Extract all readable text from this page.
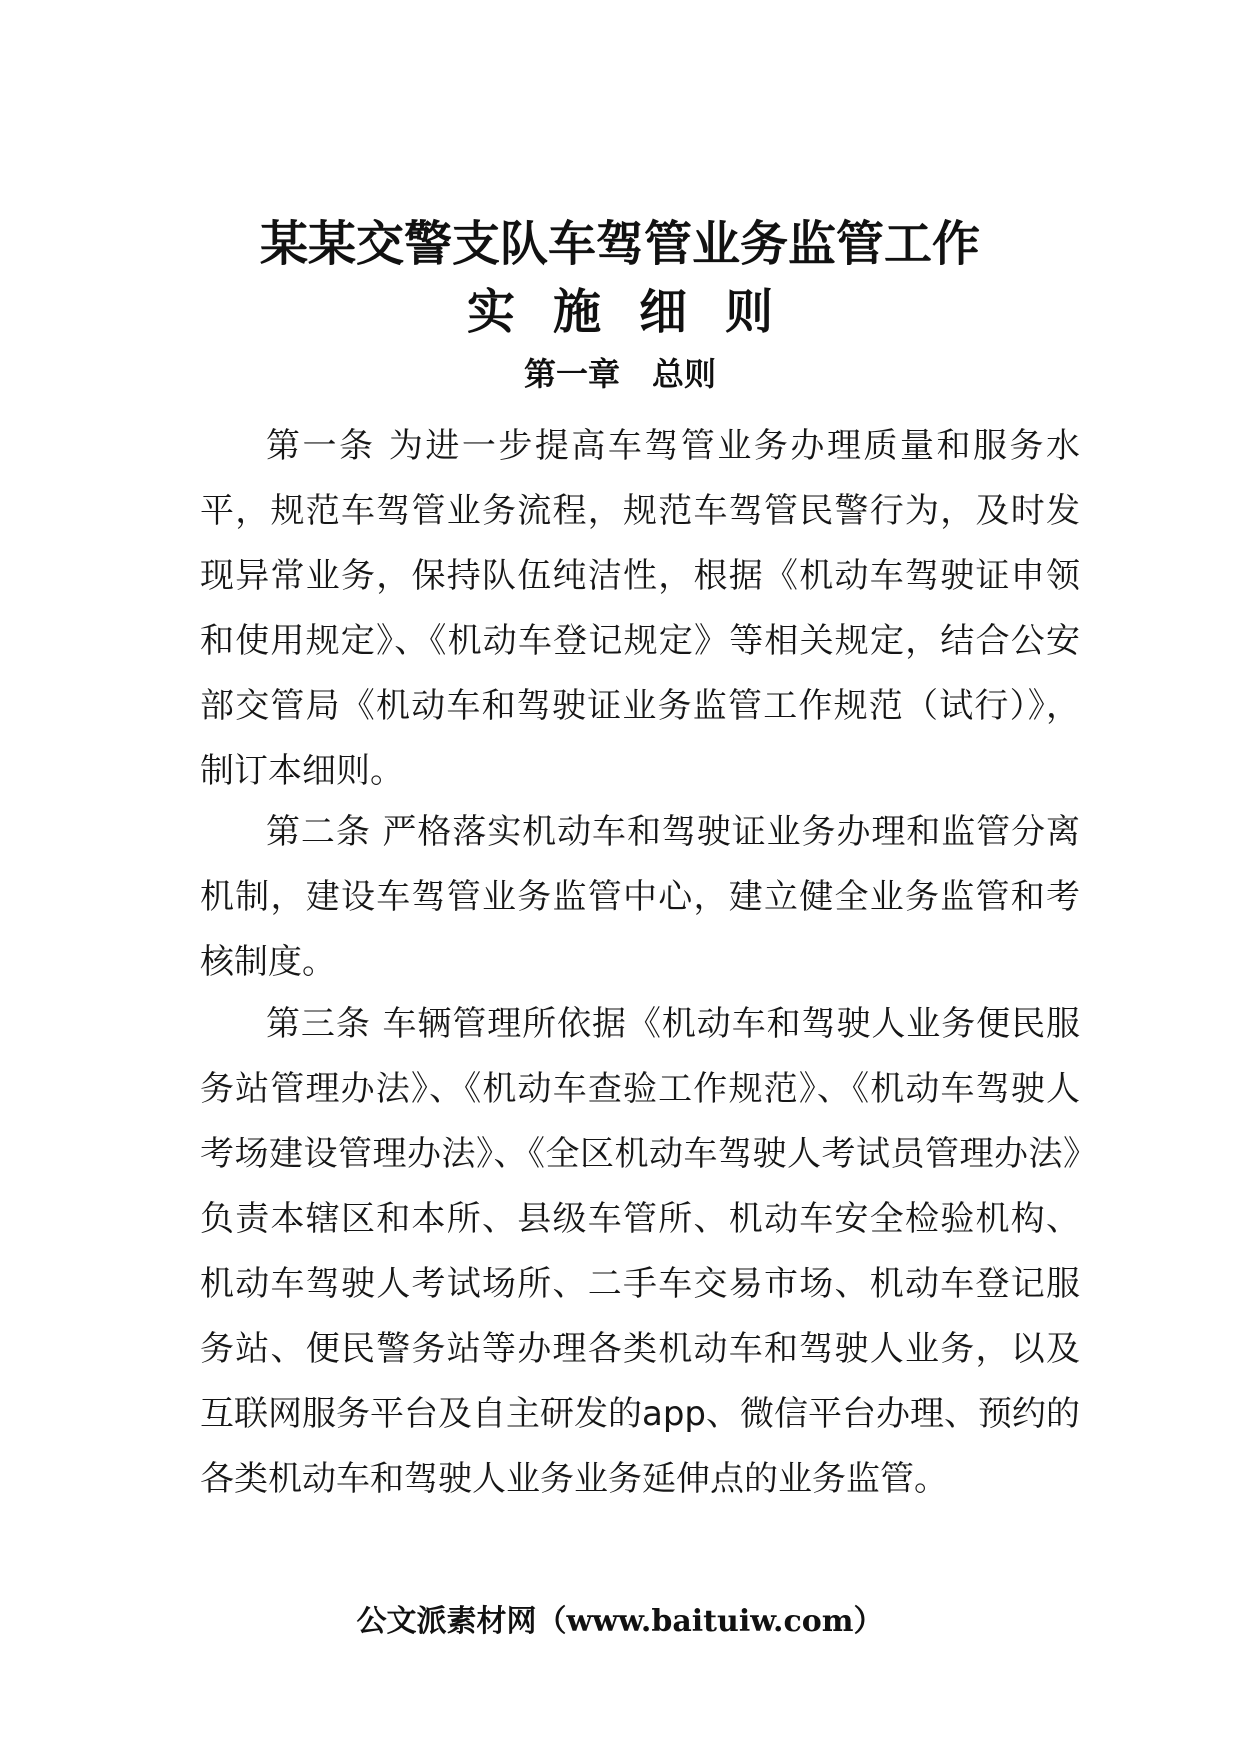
某某交警支队车驾管业务监管工作
实施细则
第一章　总则

第一条 为进一步提高车驾管业务办理质量和服务水平，规范车驾管业务流程，规范车驾管民警行为，及时发现异常业务，保持队伍纯洁性，根据《机动车驾驶证申领和使用规定》、《机动车登记规定》等相关规定，结合公安部交管局《机动车和驾驶证业务监管工作规范（试行）》，制订本细则。

第二条 严格落实机动车和驾驶证业务办理和监管分离机制，建设车驾管业务监管中心，建立健全业务监管和考核制度。

第三条 车辆管理所依据《机动车和驾驶人业务便民服务站管理办法》、《机动车查验工作规范》、《机动车驾驶人考场建设管理办法》、《全区机动车驾驶人考试员管理办法》负责本辖区和本所、县级车管所、机动车安全检验机构、机动车驾驶人考试场所、二手车交易市场、机动车登记服务站、便民警务站等办理各类机动车和驾驶人业务，以及互联网服务平台及自主研发的app、微信平台办理、预约的各类机动车和驾驶人业务业务延伸点的业务监管。

公文派素材网（www.baituiw.com）
